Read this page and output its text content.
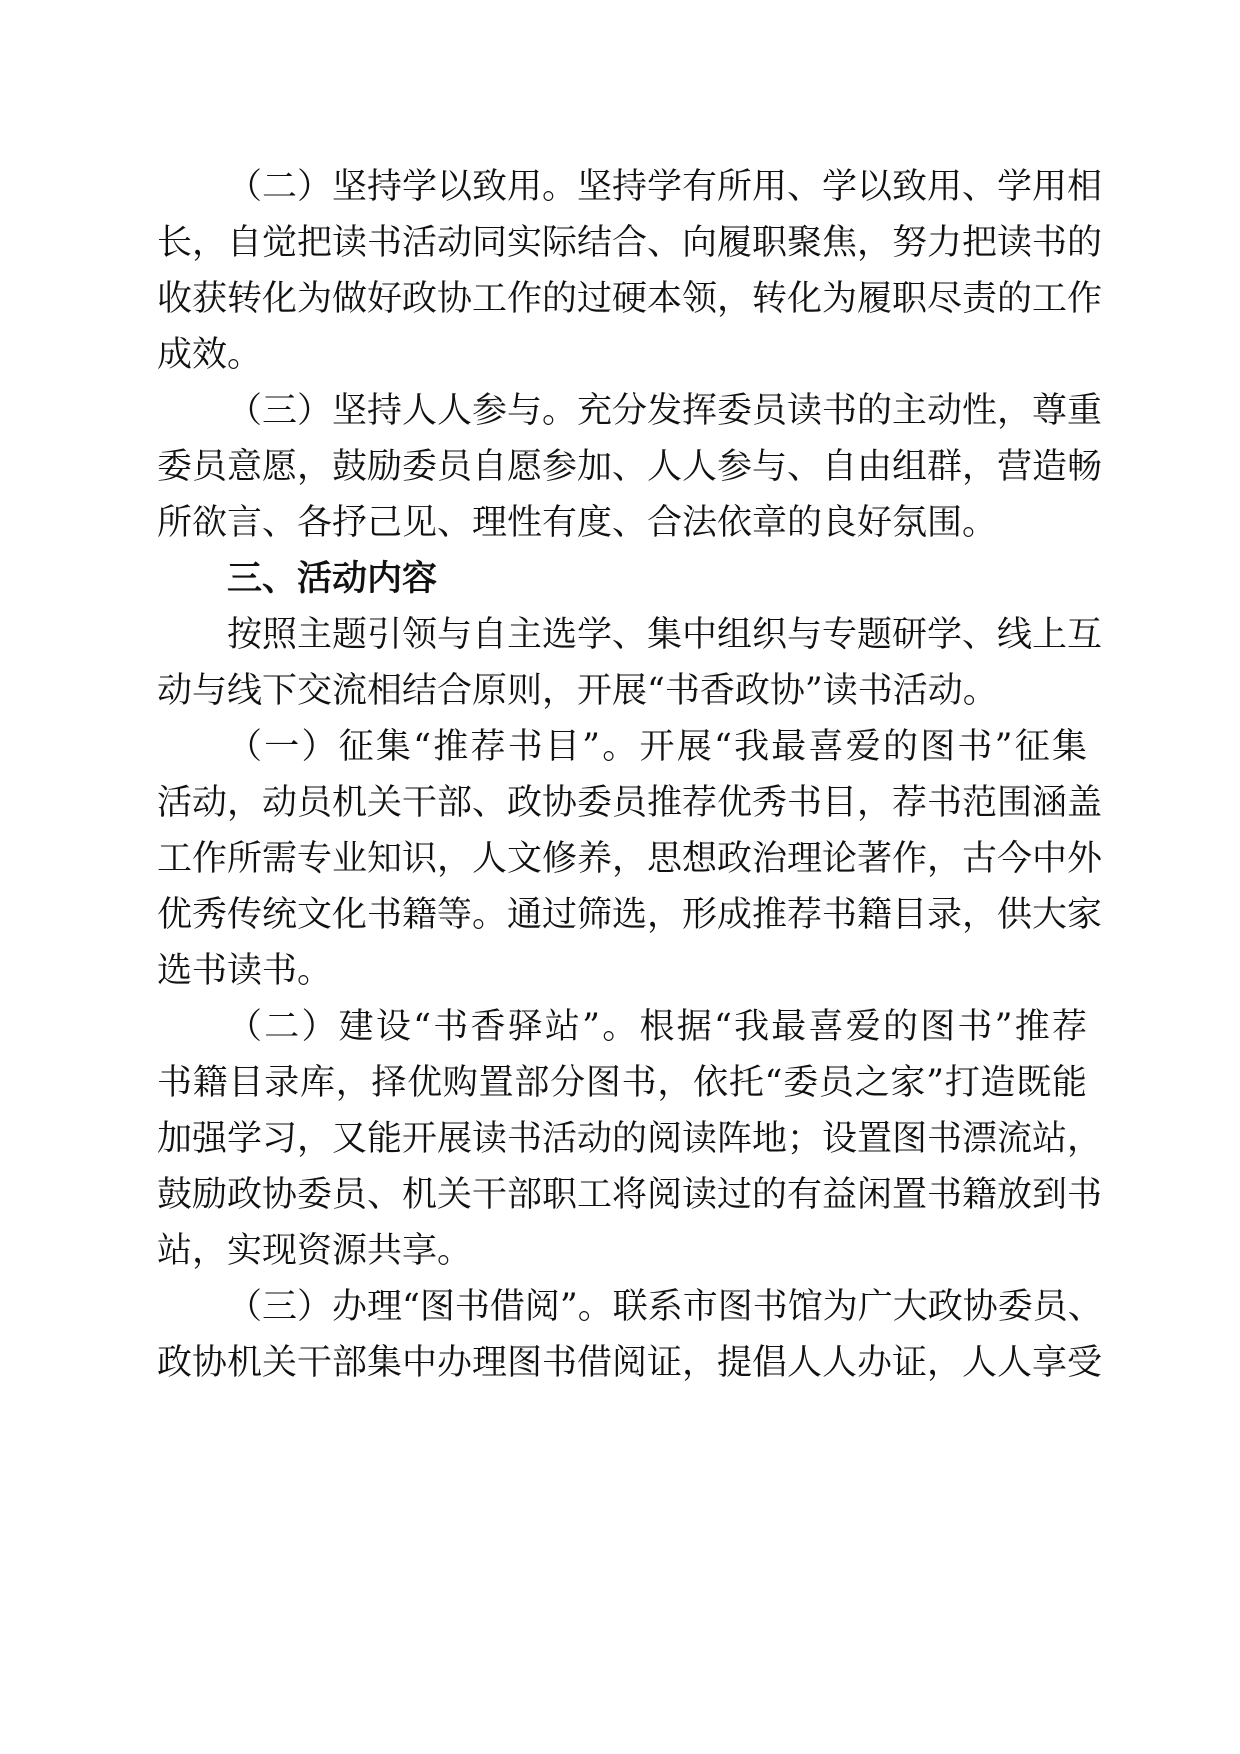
（二）坚持学以致用。坚持学有所用、学以致用、学用相
长，自觉把读书活动同实际结合、向履职聚焦，努力把读书的
收获转化为做好政协工作的过硬本领，转化为履职尽责的工作
成效。
（三）坚持人人参与。充分发挥委员读书的主动性，尊重
委员意愿，鼓励委员自愿参加、人人参与、自由组群，营造畅
所欲言、各抒己见、理性有度、合法依章的良好氛围。
三、活动内容
按照主题引领与自主选学、集中组织与专题研学、线上互
动与线下交流相结合原则，开展“书香政协”读书活动。
（一）征集“推荐书目”。开展“我最喜爱的图书”征集
活动，动员机关干部、政协委员推荐优秀书目，荐书范围涵盖
工作所需专业知识，人文修养，思想政治理论著作，古今中外
优秀传统文化书籍等。通过筛选，形成推荐书籍目录，供大家
选书读书。
（二）建设“书香驿站”。根据“我最喜爱的图书”推荐
书籍目录库，择优购置部分图书，依托“委员之家”打造既能
加强学习，又能开展读书活动的阅读阵地；设置图书漂流站，
鼓励政协委员、机关干部职工将阅读过的有益闲置书籍放到书
站，实现资源共享。
（三）办理“图书借阅”。联系市图书馆为广大政协委员、
政协机关干部集中办理图书借阅证，提倡人人办证，人人享受
